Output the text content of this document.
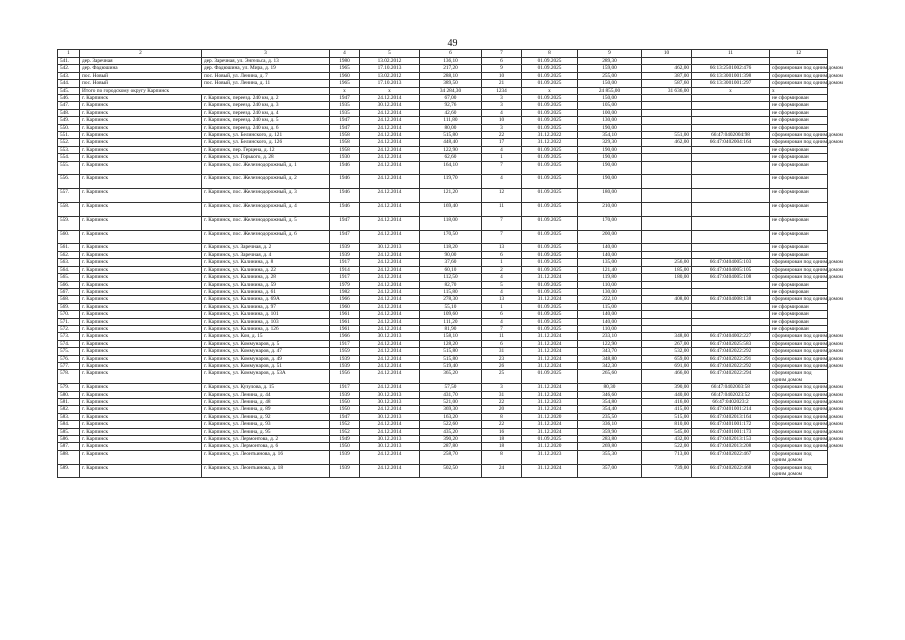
49
1	2	3	4	5	6	7	8	9	10	11	12
541.	дер. Заречная	дер. Заречная, ул. Энгельса, д. 13	1980	13.02.2012	136,10	6	01.09.2025	289,30			
542.	дер. Фадюшина	дер. Фадюшина, ул. Мира, д. 19	1965	17.10.2013	217,20	9	01.09.2025	159,00	462,00	66:13:2501002:476	сформирован под одним домом
543.	пос. Новый	пос. Новый, ул. Ленина, д. 7	1960	13.02.2012	288,10	10	01.09.2025	255,00	387,00	66:13:3001001:398	сформирован под одним домом
544.	пос. Новый	пос. Новый, ул. Ленина, д. 11	1965	17.10.2013	389,50	21	01.09.2025	150,00	587,60	66:13:3001001:297	сформирован под одним домом
545.	Итого по городскому округу Карпинск		x	x	34 284,30	1234	x	24 855,00	31 636,00	x	x
546.	г. Карпинск	г. Карпинск, переезд. 240 км, д. 2	1947	24.12.2014	67,00	3	01.09.2025	150,00			не сформирован
547.	г. Карпинск	г. Карпинск, переезд. 240 км, д. 3	1935	30.12.2014	92,76	3	01.09.2025	105,00			не сформирован
548.	г. Карпинск	г. Карпинск, переезд. 240 км, д. 4	1935	24.12.2014	42,60	4	01.09.2025	100,00			не сформирован
549.	г. Карпинск	г. Карпинск, переезд. 240 км, д. 5	1947	24.12.2014	111,80	10	01.09.2025	130,00			не сформирован
550.	г. Карпинск	г. Карпинск, переезд. 240 км, д. 6	1947	24.12.2014	80,00	3	01.09.2025	190,00			не сформирован
551.	г. Карпинск	г. Карпинск, ул. Белинского, д. 121	1958	24.12.2014	515,80	22	31.12.2022	354,10	551,00	66:47:0402004:98	сформирован под одним домом
552.	г. Карпинск	г. Карпинск, ул. Белинского, д. 126	1958	24.12.2014	448,40	17	31.12.2022	329,30	462,00	66:47:0402004:164	сформирован под одним домом
553.	г. Карпинск	г. Карпинск, пер. Герцена, д. 12	1958	24.12.2014	122,90	4	01.09.2025	190,00			не сформирован
554.	г. Карпинск	г. Карпинск, ул. Горького, д. 28	1930	24.12.2014	62,60	1	01.09.2025	190,00			не сформирован
555.	г. Карпинск	г. Карпинск, пос. Железнодорожный, д. 1	1946	24.12.2014	164,10	7	01.09.2025	190,00			не сформирован
556.	г. Карпинск	г. Карпинск, пос. Железнодорожный, д. 2	1946	24.12.2014	119,70	4	01.09.2025	190,00			не сформирован
557.	г. Карпинск	г. Карпинск, пос. Железнодорожный, д. 3	1946	24.12.2014	121,20	12	01.09.2025	180,00			не сформирован
558.	г. Карпинск	г. Карпинск, пос. Железнодорожный, д. 4	1946	24.12.2014	169,40	11	01.09.2025	210,00			не сформирован
559.	г. Карпинск	г. Карпинск, пос. Железнодорожный, д. 5	1947	24.12.2014	118,00	7	01.09.2025	170,00			не сформирован
560.	г. Карпинск	г. Карпинск, пос. Железнодорожный, д. 6	1947	24.12.2014	170,50	7	01.09.2025	200,00			не сформирован
561.	г. Карпинск	г. Карпинск, ул. Заречная, д. 2	1939	30.12.2013	118,20	13	01.09.2025	140,00			не сформирован
562.	г. Карпинск	г. Карпинск, ул. Заречная, д. 4	1939	24.12.2014	90,00	6	01.09.2025	140,00			не сформирован
563.	г. Карпинск	г. Карпинск, ул. Калинина, д. 8	1917	24.12.2014	37,60	1	01.09.2025	135,00	256,00	66:47:0404005:103	сформирован под одним домом
564.	г. Карпинск	г. Карпинск, ул. Калинина, д. 22	1914	24.12.2014	60,10	2	01.09.2025	121,40	185,00	66:47:0404005:105	сформирован под одним домом
565.	г. Карпинск	г. Карпинск, ул. Калинина, д. 28	1917	24.12.2014	112,50	4	31.12.2024	119,80	180,00	66:47:0404005:108	сформирован под одним домом
566.	г. Карпинск	г. Карпинск, ул. Калинина, д. 59	1979	24.12.2014	82,70	5	01.09.2025	110,00			не сформирован
567.	г. Карпинск	г. Карпинск, ул. Калинина, д. 61	1982	24.12.2014	115,80	4	01.09.2025	130,00			не сформирован
568.	г. Карпинск	г. Карпинск, ул. Калинина, д. 69А	1966	24.12.2014	278,30	13	31.12.2024	222,10	408,00	66:47:0404008:138	сформирован под одним домом
569.	г. Карпинск	г. Карпинск, ул. Калинина, д. 97	1960	24.12.2014	55,10	1	01.09.2025	115,00			не сформирован
570.	г. Карпинск	г. Карпинск, ул. Калинина, д. 101	1961	24.12.2014	109,60	6	01.09.2025	140,00			не сформирован
571.	г. Карпинск	г. Карпинск, ул. Калинина, д. 103	1961	24.12.2014	111,20	4	01.09.2025	140,00			не сформирован
572.	г. Карпинск	г. Карпинск, ул. Калинина, д. 126	1961	24.12.2014	81,90	7	01.09.2025	110,00			не сформирован
573.	г. Карпинск	г. Карпинск, ул. Кои, д. 15	1966	30.12.2013	158,10	11	31.12.2024	233,10	348,00	66:47:0404002:227	сформирован под одним домом
574.	г. Карпинск	г. Карпинск, ул. Коммунаров, д. 5	1917	24.12.2014	128,20	6	31.12.2024	122,90	267,00	66:47:0402025:583	сформирован под одним домом
575.	г. Карпинск	г. Карпинск, ул. Коммунаров, д. 47	1959	24.12.2014	515,80	31	31.12.2024	343,70	532,00	66:47:0402022:292	сформирован под одним домом
576.	г. Карпинск	г. Карпинск, ул. Коммунаров, д. 49	1939	24.12.2014	515,80	23	31.12.2024	348,80	659,00	66:47:0402022:291	сформирован под одним домом
577.	г. Карпинск	г. Карпинск, ул. Коммунаров, д. 51	1939	24.12.2014	519,40	26	31.12.2024	342,30	691,00	66:47:0402022:292	сформирован под одним домом
578.	г. Карпинск	г. Карпинск, ул. Коммунаров, д. 53А	1956	24.12.2014	365,20	25	01.09.2025	265,60	466,00	66:47:0402022:294	сформирован под одним домом
579.	г. Карпинск	г. Карпинск, ул. Кузулова, д. 15	1917	24.12.2014	57,50	3	31.12.2024	80,30	390,00	66:47:0402003:58	сформирован под одним домом
580.	г. Карпинск	г. Карпинск, ул. Ленина, д. 44	1939	30.12.2013	431,70	31	31.12.2024	346,60	440,00	66:47:0402023:52	сформирован под одним домом
581.	г. Карпинск	г. Карпинск, ул. Ленина, д. 48	1950	30.12.2013	521,00	22	31.12.2023	354,80	416,00	66:47:0402023:2	сформирован под одним домом
582.	г. Карпинск	г. Карпинск, ул. Ленина, д. 89	1950	24.12.2014	369,30	20	31.12.2024	354,40	415,00	66:47:0401001:214	сформирован под одним домом
583.	г. Карпинск	г. Карпинск, ул. Ленина, д. 92	1947	30.12.2013	163,20	8	31.12.2020	235,50	515,00	66:47:0402013:164	сформирован под одним домом
584.	г. Карпинск	г. Карпинск, ул. Ленина, д. 93	1952	24.12.2014	522,60	22	31.12.2024	336,10	810,00	66:47:0401001:172	сформирован под одним домом
585.	г. Карпинск	г. Карпинск, ул. Ленина, д. 95	1952	24.12.2014	435,20	16	31.12.2024	359,90	545,00	66:47:0401001:173	сформирован под одним домом
586.	г. Карпинск	г. Карпинск, ул. Лермонтова, д. 2	1949	30.12.2013	390,20	18	01.09.2025	283,80	432,00	66:47:0402013:153	сформирован под одним домом
587.	г. Карпинск	г. Карпинск, ул. Лермонтова, д. 6	1950	30.12.2013	287,80	18	31.12.2020	269,80	522,00	66:47:0402013:208	сформирован под одним домом
588.	г. Карпинск	г. Карпинск, ул. Леонтьинова, д. 16	1939	24.12.2014	258,70	8	31.12.2023	355,30	713,00	66:47:0402022:467	сформирован под одним домом
589.	г. Карпинск	г. Карпинск, ул. Леонтьинова, д. 18	1939	24.12.2014	502,50	24	31.12.2024	357,00	739,00	66:47:0402022:468	сформирован под одним домом
